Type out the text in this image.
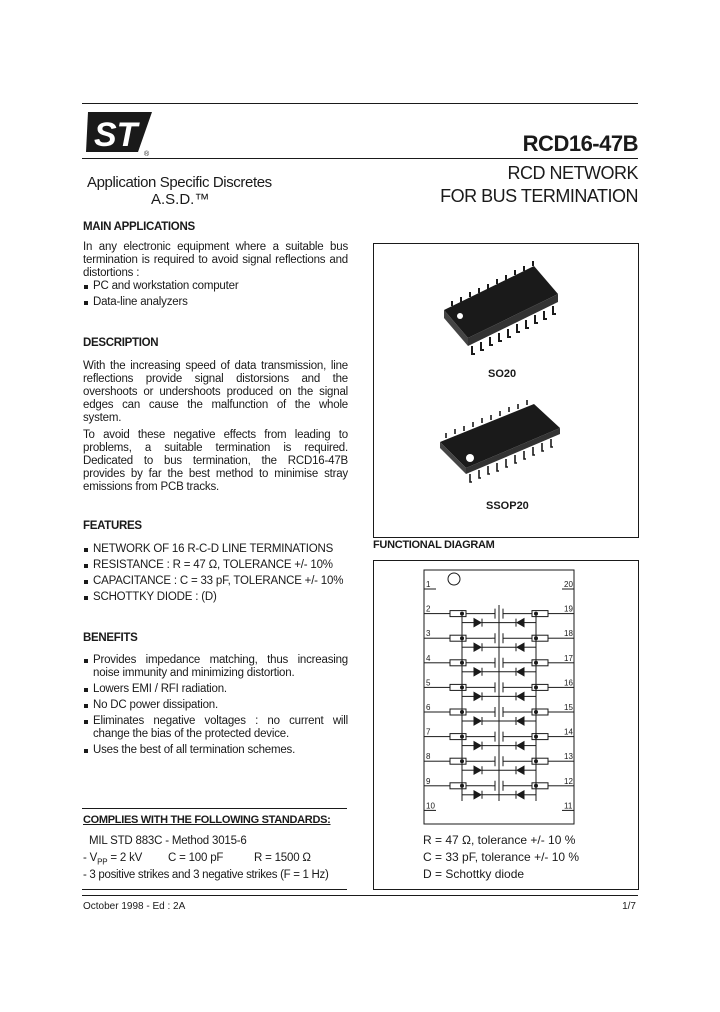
ST
®	RCD16-47B
RCD NETWORK
FOR BUS TERMINATION
Application Specific Discretes
A.S.D.™
MAIN APPLICATIONS
In any electronic equipment where a suitable bus termination is required to avoid signal reflections and distortions :
PC and workstation computer
Data-line analyzers
DESCRIPTION

With the increasing speed of data transmission, line reflections provide signal distorsions and the overshoots or undershoots produced on the signal edges can cause the malfunction of the whole system.

To avoid these negative effects from leading to problems, a suitable termination is required. Dedicated to bus termination, the RCD16-47B provides by far the best method to minimise stray emissions from PCB tracks.

FEATURES
NETWORK OF 16 R-C-D LINE TERMINATIONS
RESISTANCE : R = 47 Ω, TOLERANCE +/- 10%
CAPACITANCE : C = 33 pF, TOLERANCE +/- 10%
SCHOTTKY DIODE : (D)
BENEFITS
Provides impedance matching, thus increasing noise immunity and minimizing distortion.
Lowers EMI / RFI radiation.
No DC power dissipation.
Eliminates negative voltages : no current will change the bias of the protected device.
Uses the best of all termination schemes.
COMPLIES WITH THE FOLLOWING STANDARDS:
MIL STD 883C - Method 3015-6
- $V_{PP} = 2$ kV C = 100 pF	R = 1500 Ω
- 3 positive strikes and 3 negative strikes (F = 1 Hz)
SO20
SSOP20
FUNCTIONAL DIAGRAM
1
2
3
4
5
6
7
8
9
10
20
19
18
17
16
15
14
13
12
11
R = 47 Ω, tolerance +/- 10 %
C = 33 pF, tolerance +/- 10 %
D = Schottky diode
October 1998 - Ed : 2A	1/7
